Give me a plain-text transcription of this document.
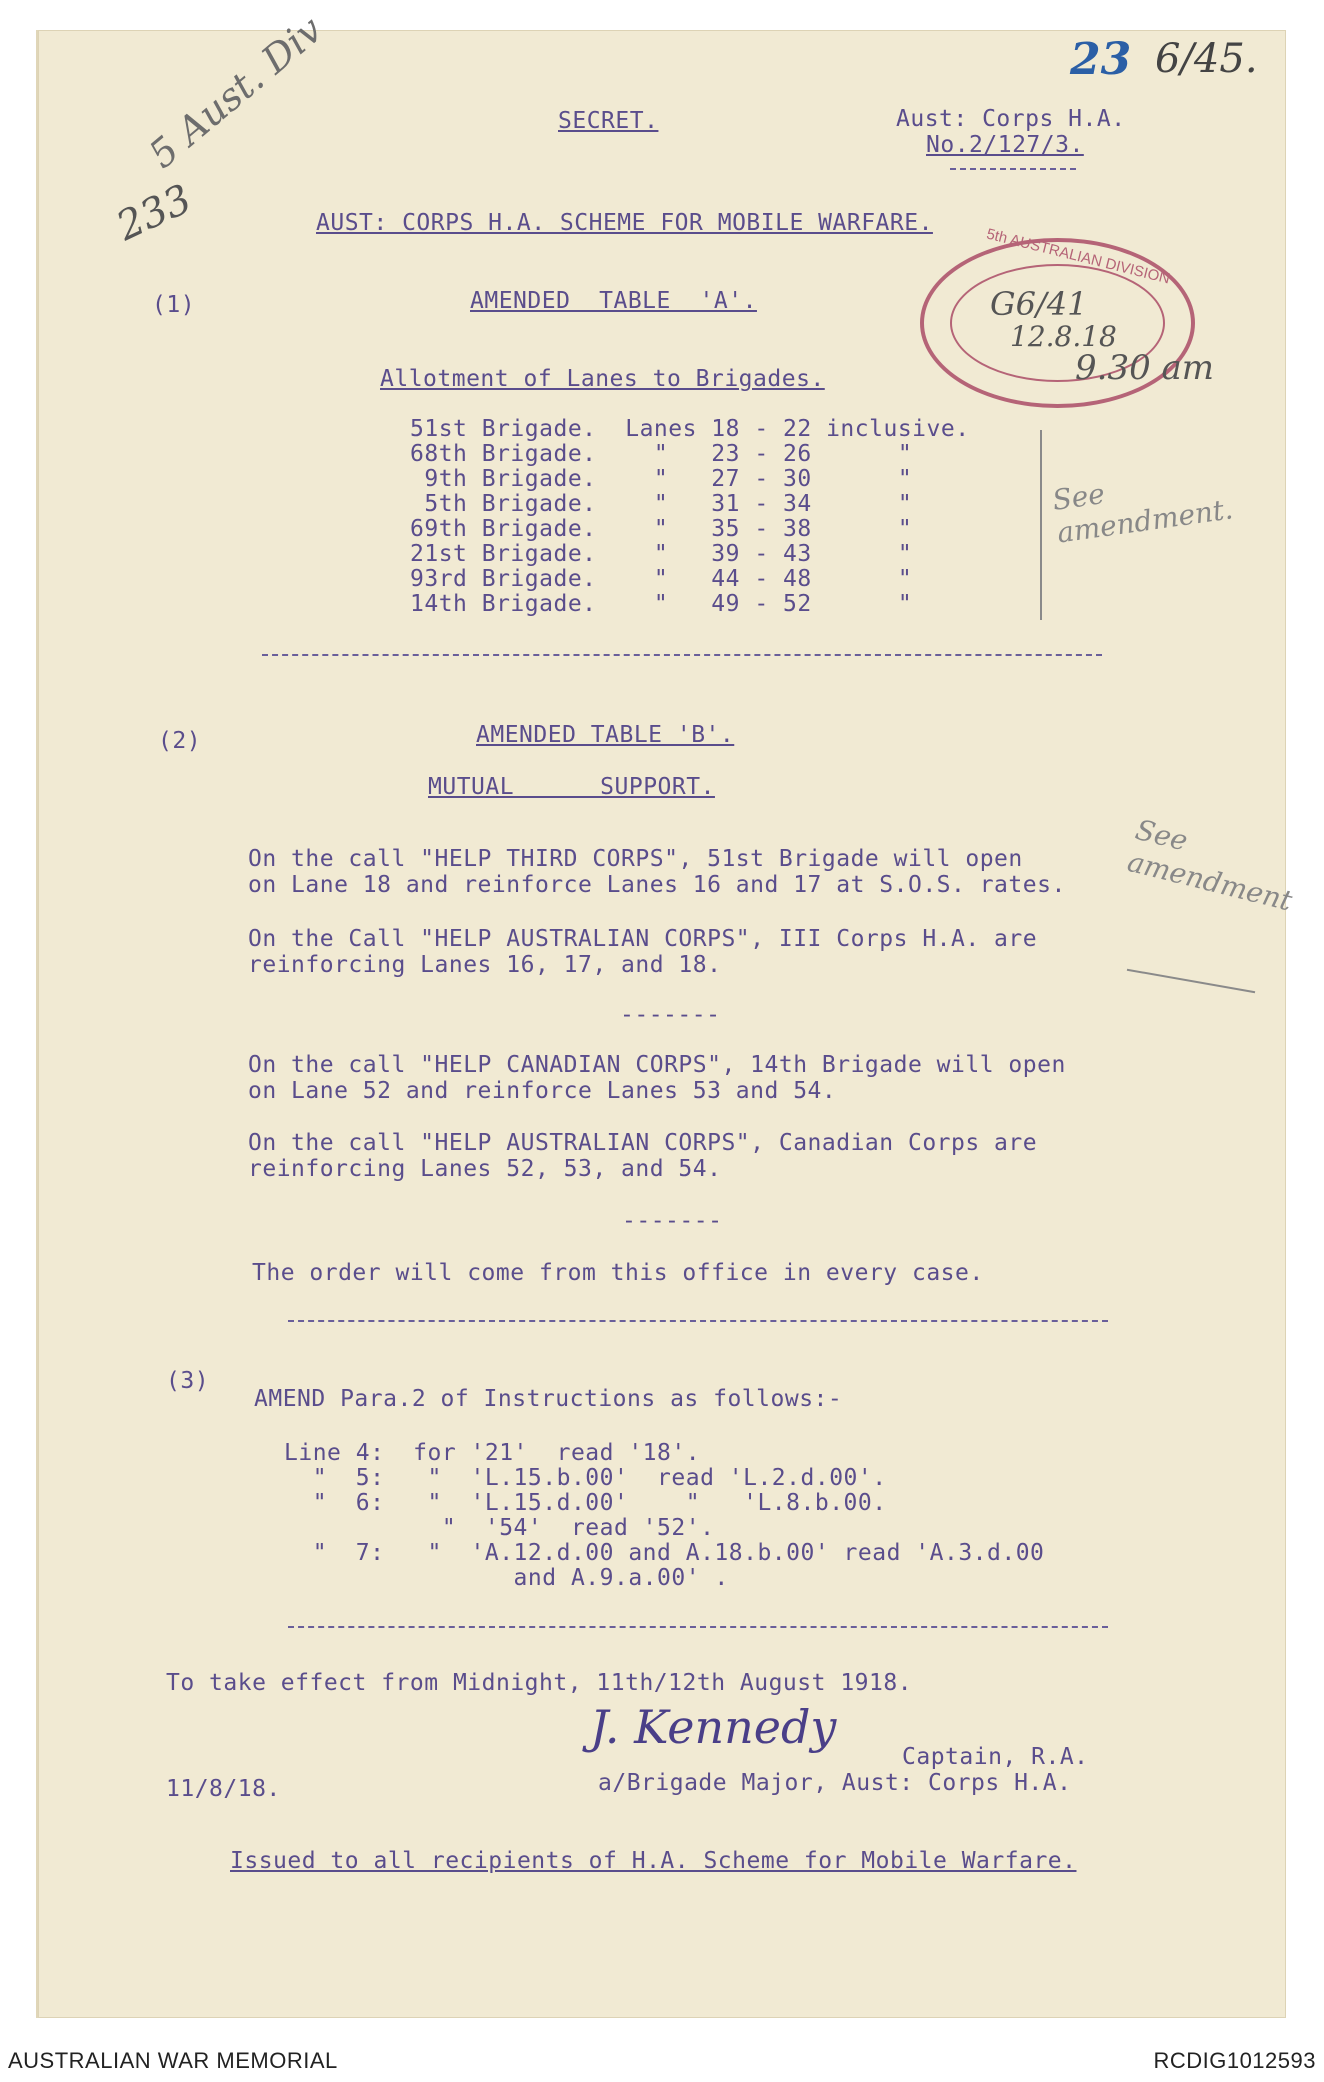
5 Aust. Div
233
23 6/45.
5th AUSTRALIAN DIVISION
G6/41
12.8.18
9.30 am
SECRET.	Aust: Corps H.A.
No.2/127/3.
AUST: CORPS H.A. SCHEME FOR MOBILE WARFARE.
(1)	AMENDED  TABLE  'A'.
Allotment of Lanes to Brigades.
51st Brigade. Lanes 18 - 22 inclusive.
68th Brigade.    "   23 - 26      "
9th Brigade.    "   27 - 30      "
5th Brigade.    "   31 - 34      "
69th Brigade.    "   35 - 38      "
21st Brigade.    "   39 - 43      "
93rd Brigade.    "   44 - 48      "
14th Brigade.    "   49 - 52      "
See amendment.
(2)	AMENDED TABLE 'B'.
MUTUAL      SUPPORT.
On the call "HELP THIRD CORPS", 51st Brigade will open
on Lane 18 and reinforce Lanes 16 and 17 at S.O.S. rates.
On the Call "HELP AUSTRALIAN CORPS", III Corps H.A. are
reinforcing Lanes 16, 17, and 18.
See amendment
-------
On the call "HELP CANADIAN CORPS", 14th Brigade will open
on Lane 52 and reinforce Lanes 53 and 54.
On the call "HELP AUSTRALIAN CORPS", Canadian Corps are
reinforcing Lanes 52, 53, and 54.
-------
The order will come from this office in every case.
(3)
AMEND Para.2 of Instructions as follows:-
Line 4:  for '21'  read '18'.
"  5:   "  'L.15.b.00'  read 'L.2.d.00'.
"  6:   "  'L.15.d.00'    "   'L.8.b.00.
"  '54'  read '52'.
"  7:   "  'A.12.d.00 and A.18.b.00' read 'A.3.d.00
and A.9.a.00' .
To take effect from Midnight, 11th/12th August 1918.
J. Kennedy
Captain, R.A.
11/8/18.	a/Brigade Major, Aust: Corps H.A.
Issued to all recipients of H.A. Scheme for Mobile Warfare.
AUSTRALIAN WAR MEMORIAL	RCDIG1012593
